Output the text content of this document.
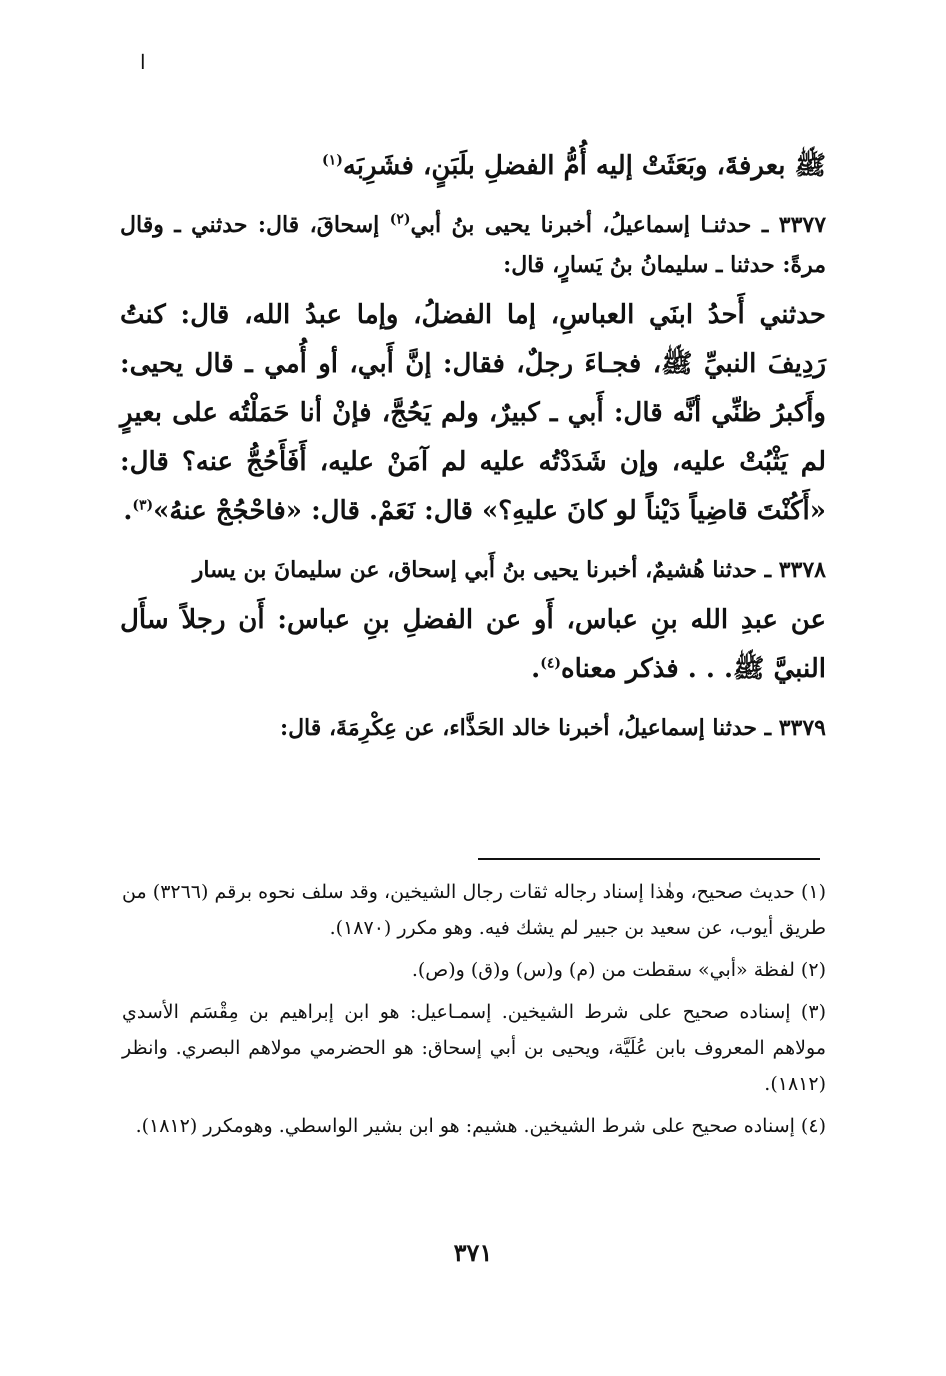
ا

ﷺ بعرفةَ، وبَعَثَتْ إليه أُمُّ الفضلِ بلَبَنٍ، فشَرِبَه$^{(١)}$

٣٣٧٧ ـ حدثنـا إسماعيلُ، أخبرنا يحيى بنُ أبي$^{(٢)}$ إسحاقَ، قال: حدثني ـ وقال مرةً: حدثنا ـ سليمانُ بنُ يَسارٍ، قال:

حدثني أَحدُ ابنَي العباسِ، إما الفضلُ، وإما عبدُ الله، قال: كنتُ رَدِيفَ النبيِّ ﷺ، فجـاءَ رجلٌ، فقال: إنَّ أَبي، أو أُمي ـ قال يحيى: وأَكبرُ ظنِّي أنَّه قال: أَبي ـ كبيرٌ، ولم يَحُجَّ، فإنْ أنا حَمَلْتُه على بعيرٍ لم يَثْبُتْ عليه، وإن شَدَدْتُه عليه لم آمَنْ عليه، أَفَأَحُجُّ عنه؟ قال: «أَكُنْتَ قاضِياً دَيْناً لو كانَ عليهِ؟» قال: نَعَمْ. قال: «فاحْجُجْ عنهُ»$^{(٣)}$.

٣٣٧٨ ـ حدثنا هُشيمٌ، أخبرنا يحيى بنُ أَبي إسحاق، عن سليمانَ بن يسار

عن عبدِ الله بنِ عباس، أَو عن الفضلِ بنِ عباس: أَن رجلاً سأَل النبيَّ ﷺ. . . فذكر معناه$^{(٤)}$.

٣٣٧٩ ـ حدثنا إسماعيلُ، أخبرنا خالد الحَذَّاء، عن عِكْرِمَةَ، قال:

(١) حديث صحيح، وهٰذا إسناد رجاله ثقات رجال الشيخين، وقد سلف نحوه برقم (٣٢٦٦) من طريق أيوب، عن سعيد بن جبير لم يشك فيه. وهو مكرر (١٨٧٠).

(٢) لفظة «أبي» سقطت من (م) و(س) و(ق) و(ص).

(٣) إسناده صحيح على شرط الشيخين. إسمـاعيل: هو ابن إبراهيم بن مِقْسَم الأسدي مولاهم المعروف بابن عُلَيَّة، ويحيى بن أبي إسحاق: هو الحضرمي مولاهم البصري. وانظر (١٨١٢).

(٤) إسناده صحيح على شرط الشيخين. هشيم: هو ابن بشير الواسطي. وهومكرر (١٨١٢).

٣٧١
